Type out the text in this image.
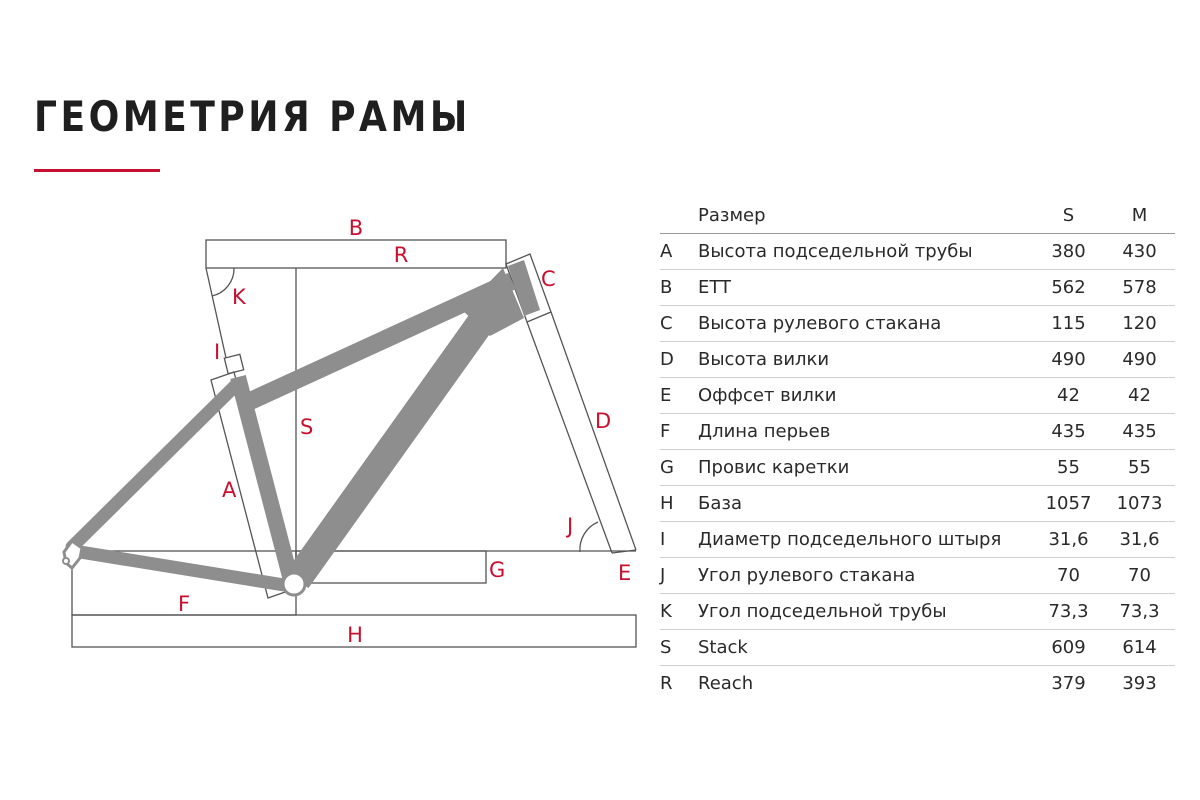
ГЕОМЕТРИЯ РАМЫ
B
R
C
K
I
S	D
A
J
G	E
F
H
	Размер	S	M
A	Высота подседельной трубы	380	430
B	ETT	562	578
C	Высота рулевого стакана	115	120
D	Высота вилки	490	490
E	Оффсет вилки	42	42
F	Длина перьев	435	435
G	Провис каретки	55	55
H	База	1057	1073
I	Диаметр подседельного штыря	31,6	31,6
J	Угол рулевого стакана	70	70
K	Угол подседельной трубы	73,3	73,3
S	Stack	609	614
R	Reach	379	393
